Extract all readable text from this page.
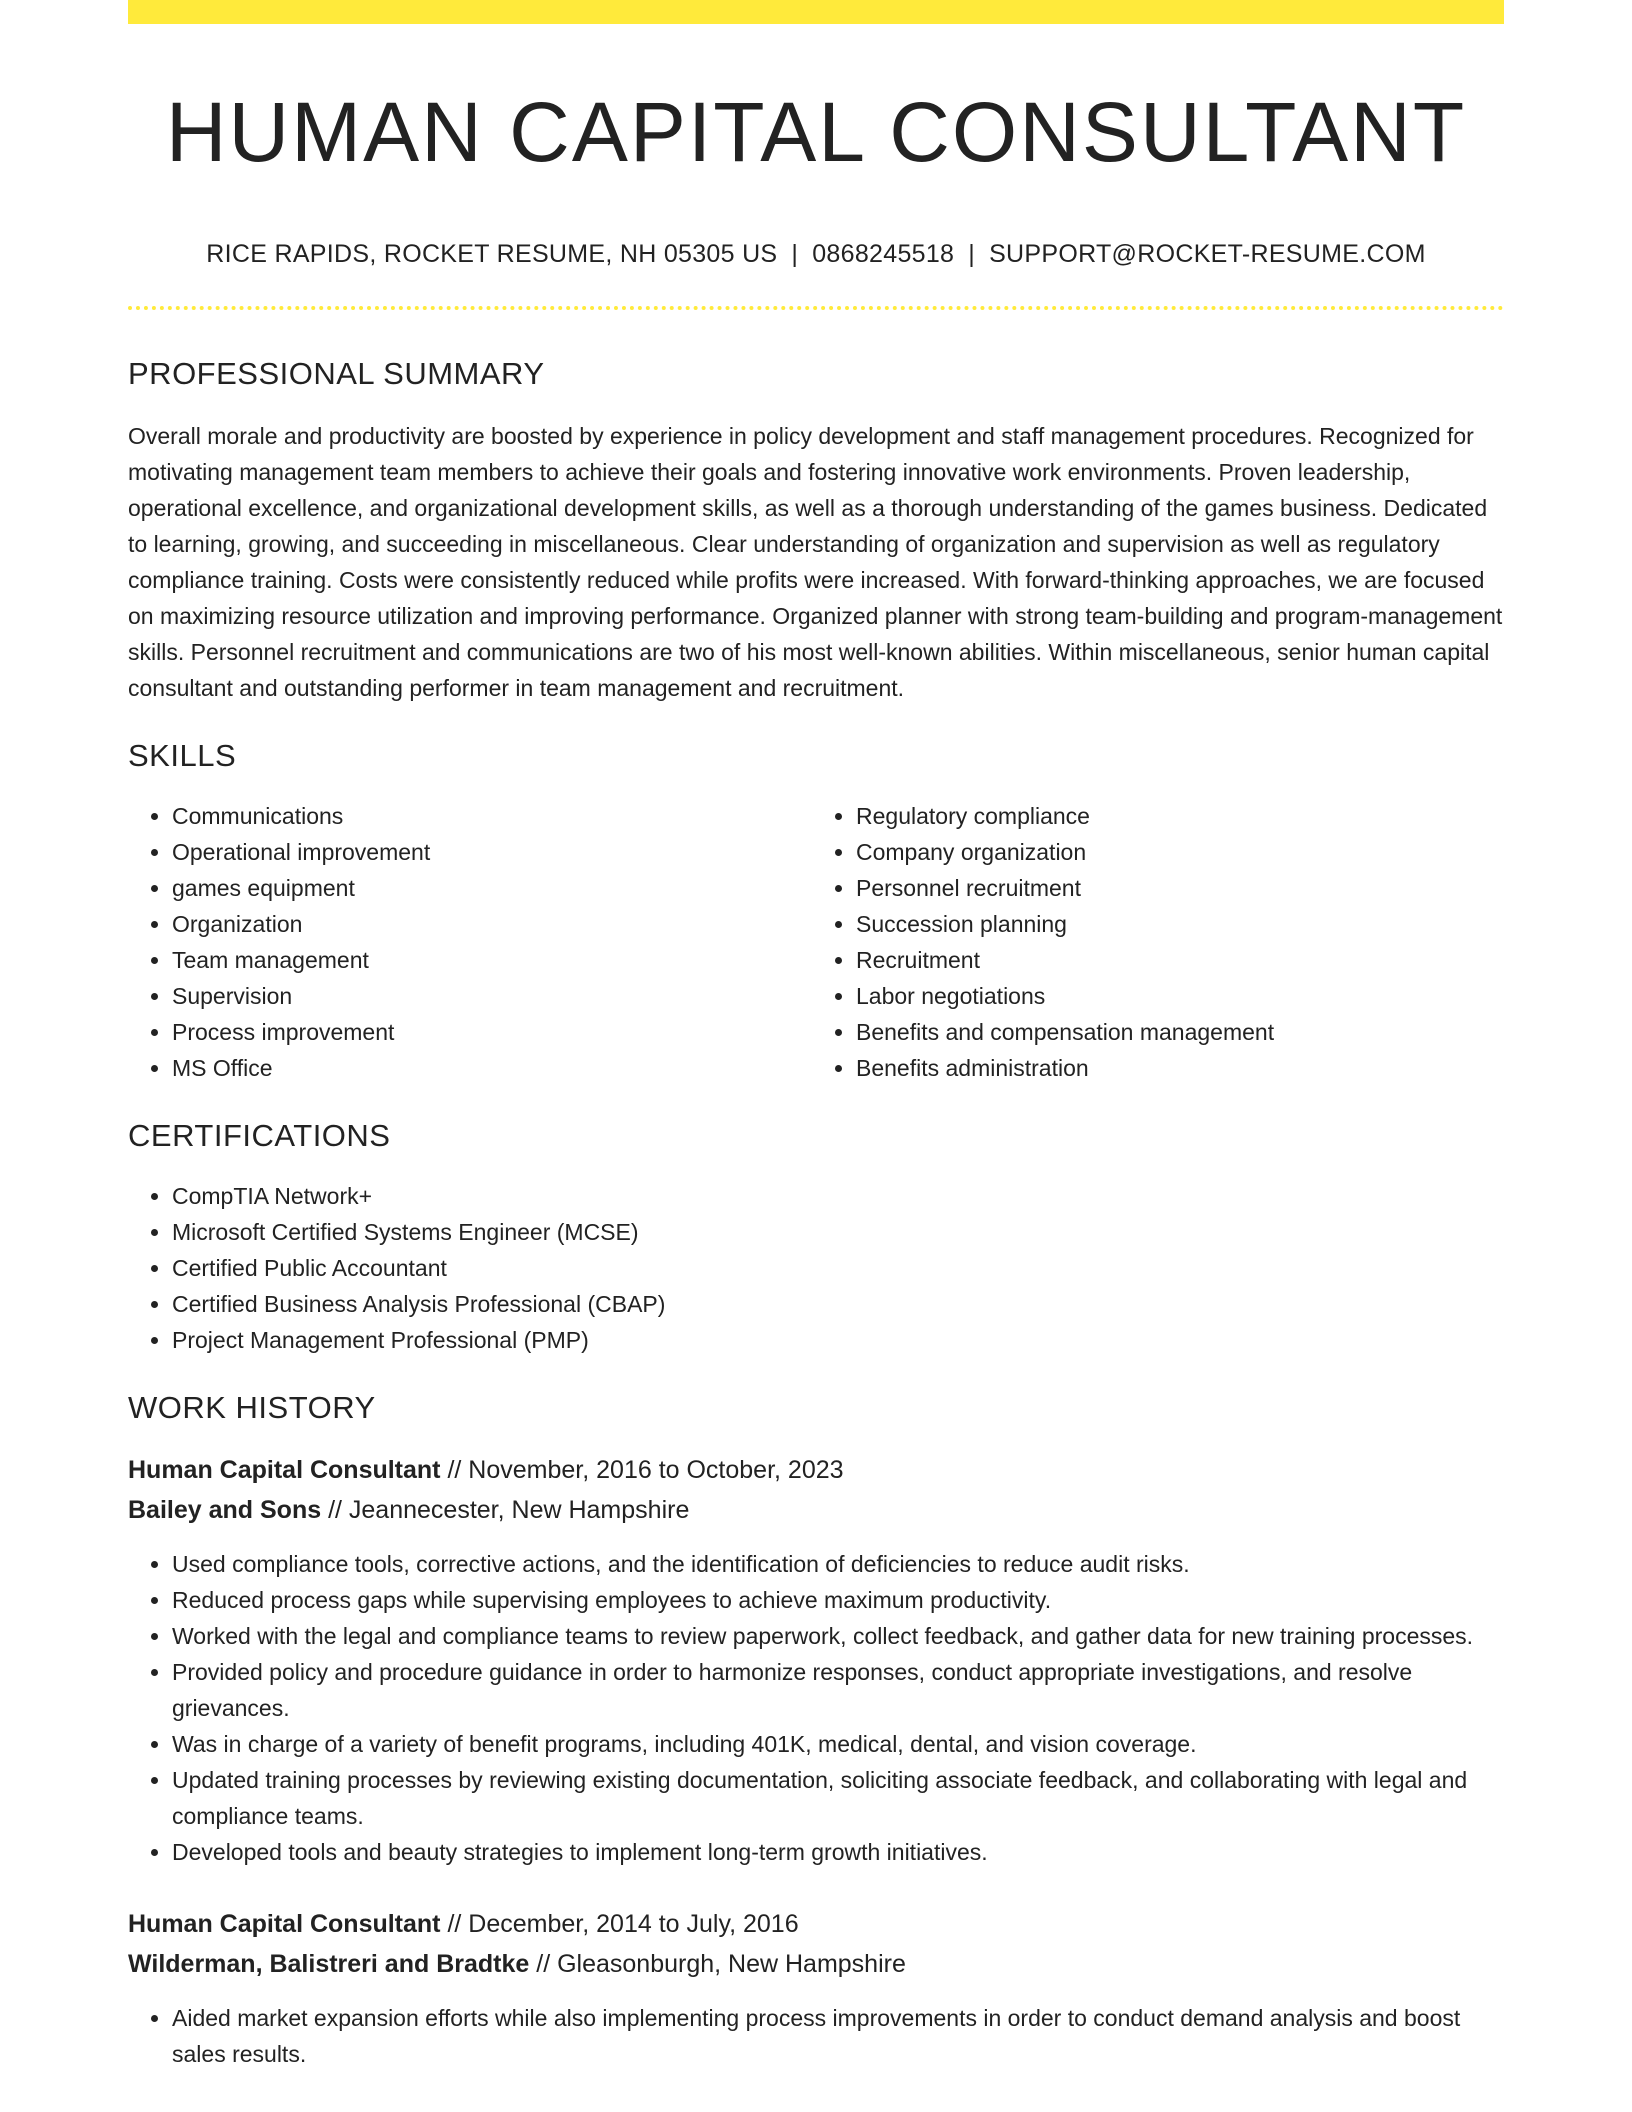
HUMAN CAPITAL CONSULTANT
RICE RAPIDS, ROCKET RESUME, NH 05305 US | 0868245518 | SUPPORT@ROCKET-RESUME.COM
PROFESSIONAL SUMMARY

Overall morale and productivity are boosted by experience in policy development and staff management procedures. Recognized for motivating management team members to achieve their goals and fostering innovative work environments. Proven leadership, operational excellence, and organizational development skills, as well as a thorough understanding of the games business. Dedicated to learning, growing, and succeeding in miscellaneous. Clear understanding of organization and supervision as well as regulatory compliance training. Costs were consistently reduced while profits were increased. With forward-thinking approaches, we are focused on maximizing resource utilization and improving performance. Organized planner with strong team-building and program-management skills. Personnel recruitment and communications are two of his most well-known abilities. Within miscellaneous, senior human capital consultant and outstanding performer in team management and recruitment.

SKILLS
• Communications
• Operational improvement
• games equipment
• Organization
• Team management
• Supervision
• Process improvement
• MS Office
• Regulatory compliance
• Company organization
• Personnel recruitment
• Succession planning
• Recruitment
• Labor negotiations
• Benefits and compensation management
• Benefits administration
CERTIFICATIONS
• CompTIA Network+
• Microsoft Certified Systems Engineer (MCSE)
• Certified Public Accountant
• Certified Business Analysis Professional (CBAP)
• Project Management Professional (PMP)
WORK HISTORY
Human Capital Consultant // November, 2016 to October, 2023
Bailey and Sons // Jeannecester, New Hampshire
• Used compliance tools, corrective actions, and the identification of deficiencies to reduce audit risks.
• Reduced process gaps while supervising employees to achieve maximum productivity.
• Worked with the legal and compliance teams to review paperwork, collect feedback, and gather data for new training processes.
• Provided policy and procedure guidance in order to harmonize responses, conduct appropriate investigations, and resolve grievances.
• Was in charge of a variety of benefit programs, including 401K, medical, dental, and vision coverage.
• Updated training processes by reviewing existing documentation, soliciting associate feedback, and collaborating with legal and compliance teams.
• Developed tools and beauty strategies to implement long-term growth initiatives.
Human Capital Consultant // December, 2014 to July, 2016
Wilderman, Balistreri and Bradtke // Gleasonburgh, New Hampshire
• Aided market expansion efforts while also implementing process improvements in order to conduct demand analysis and boost sales results.
